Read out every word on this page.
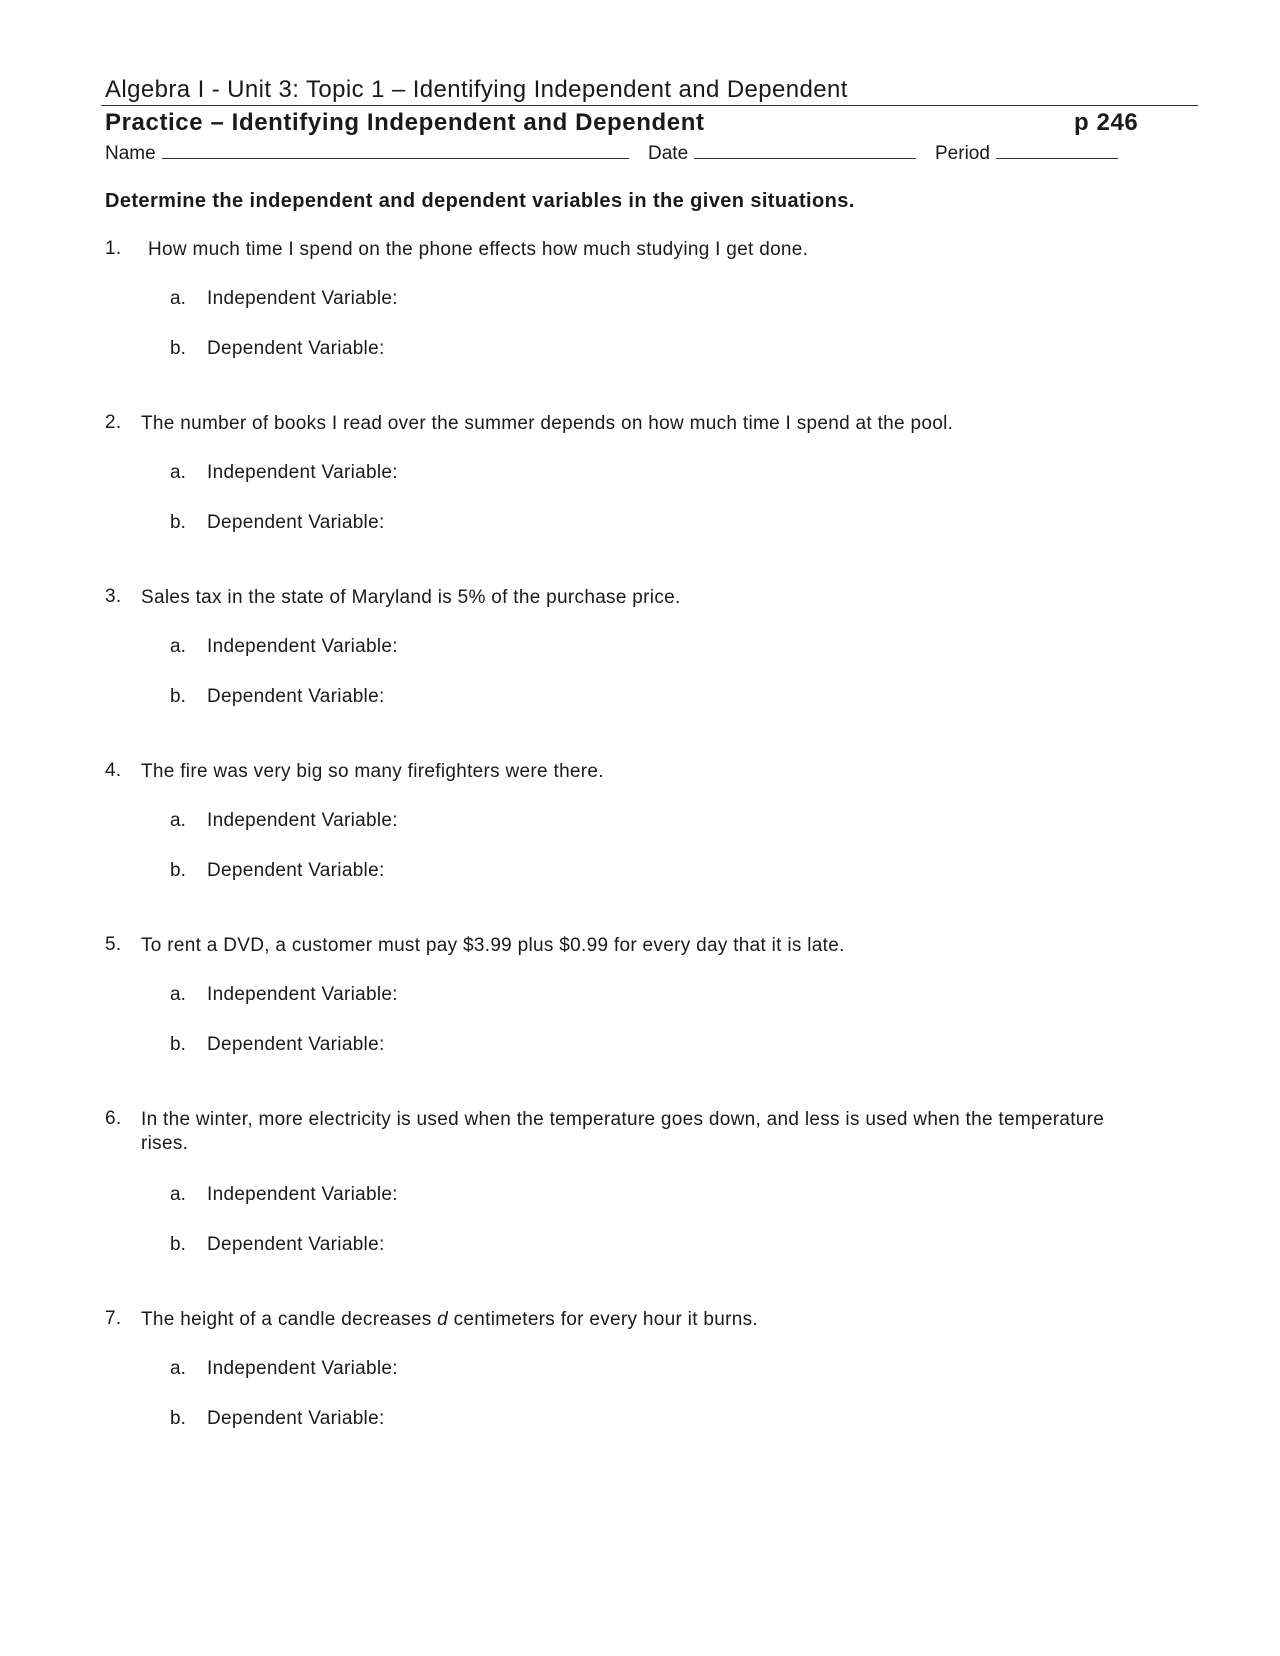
Algebra I - Unit 3: Topic 1 – Identifying Independent and Dependent
Practice – Identifying Independent and Dependent	p 246
Name	Date	Period
Determine the independent and dependent variables in the given situations.
1. How much time I spend on the phone effects how much studying I get done.
a. Independent Variable:
b. Dependent Variable:
2. The number of books I read over the summer depends on how much time I spend at the pool.
a. Independent Variable:
b. Dependent Variable:
3. Sales tax in the state of Maryland is 5% of the purchase price.
a. Independent Variable:
b. Dependent Variable:
4. The fire was very big so many firefighters were there.
a. Independent Variable:
b. Dependent Variable:
5. To rent a DVD, a customer must pay $3.99 plus $0.99 for every day that it is late.
a. Independent Variable:
b. Dependent Variable:
6. In the winter, more electricity is used when the temperature goes down, and less is used when the temperature
rises.
a. Independent Variable:
b. Dependent Variable:
7. The height of a candle decreases d centimeters for every hour it burns.
a. Independent Variable:
b. Dependent Variable:
